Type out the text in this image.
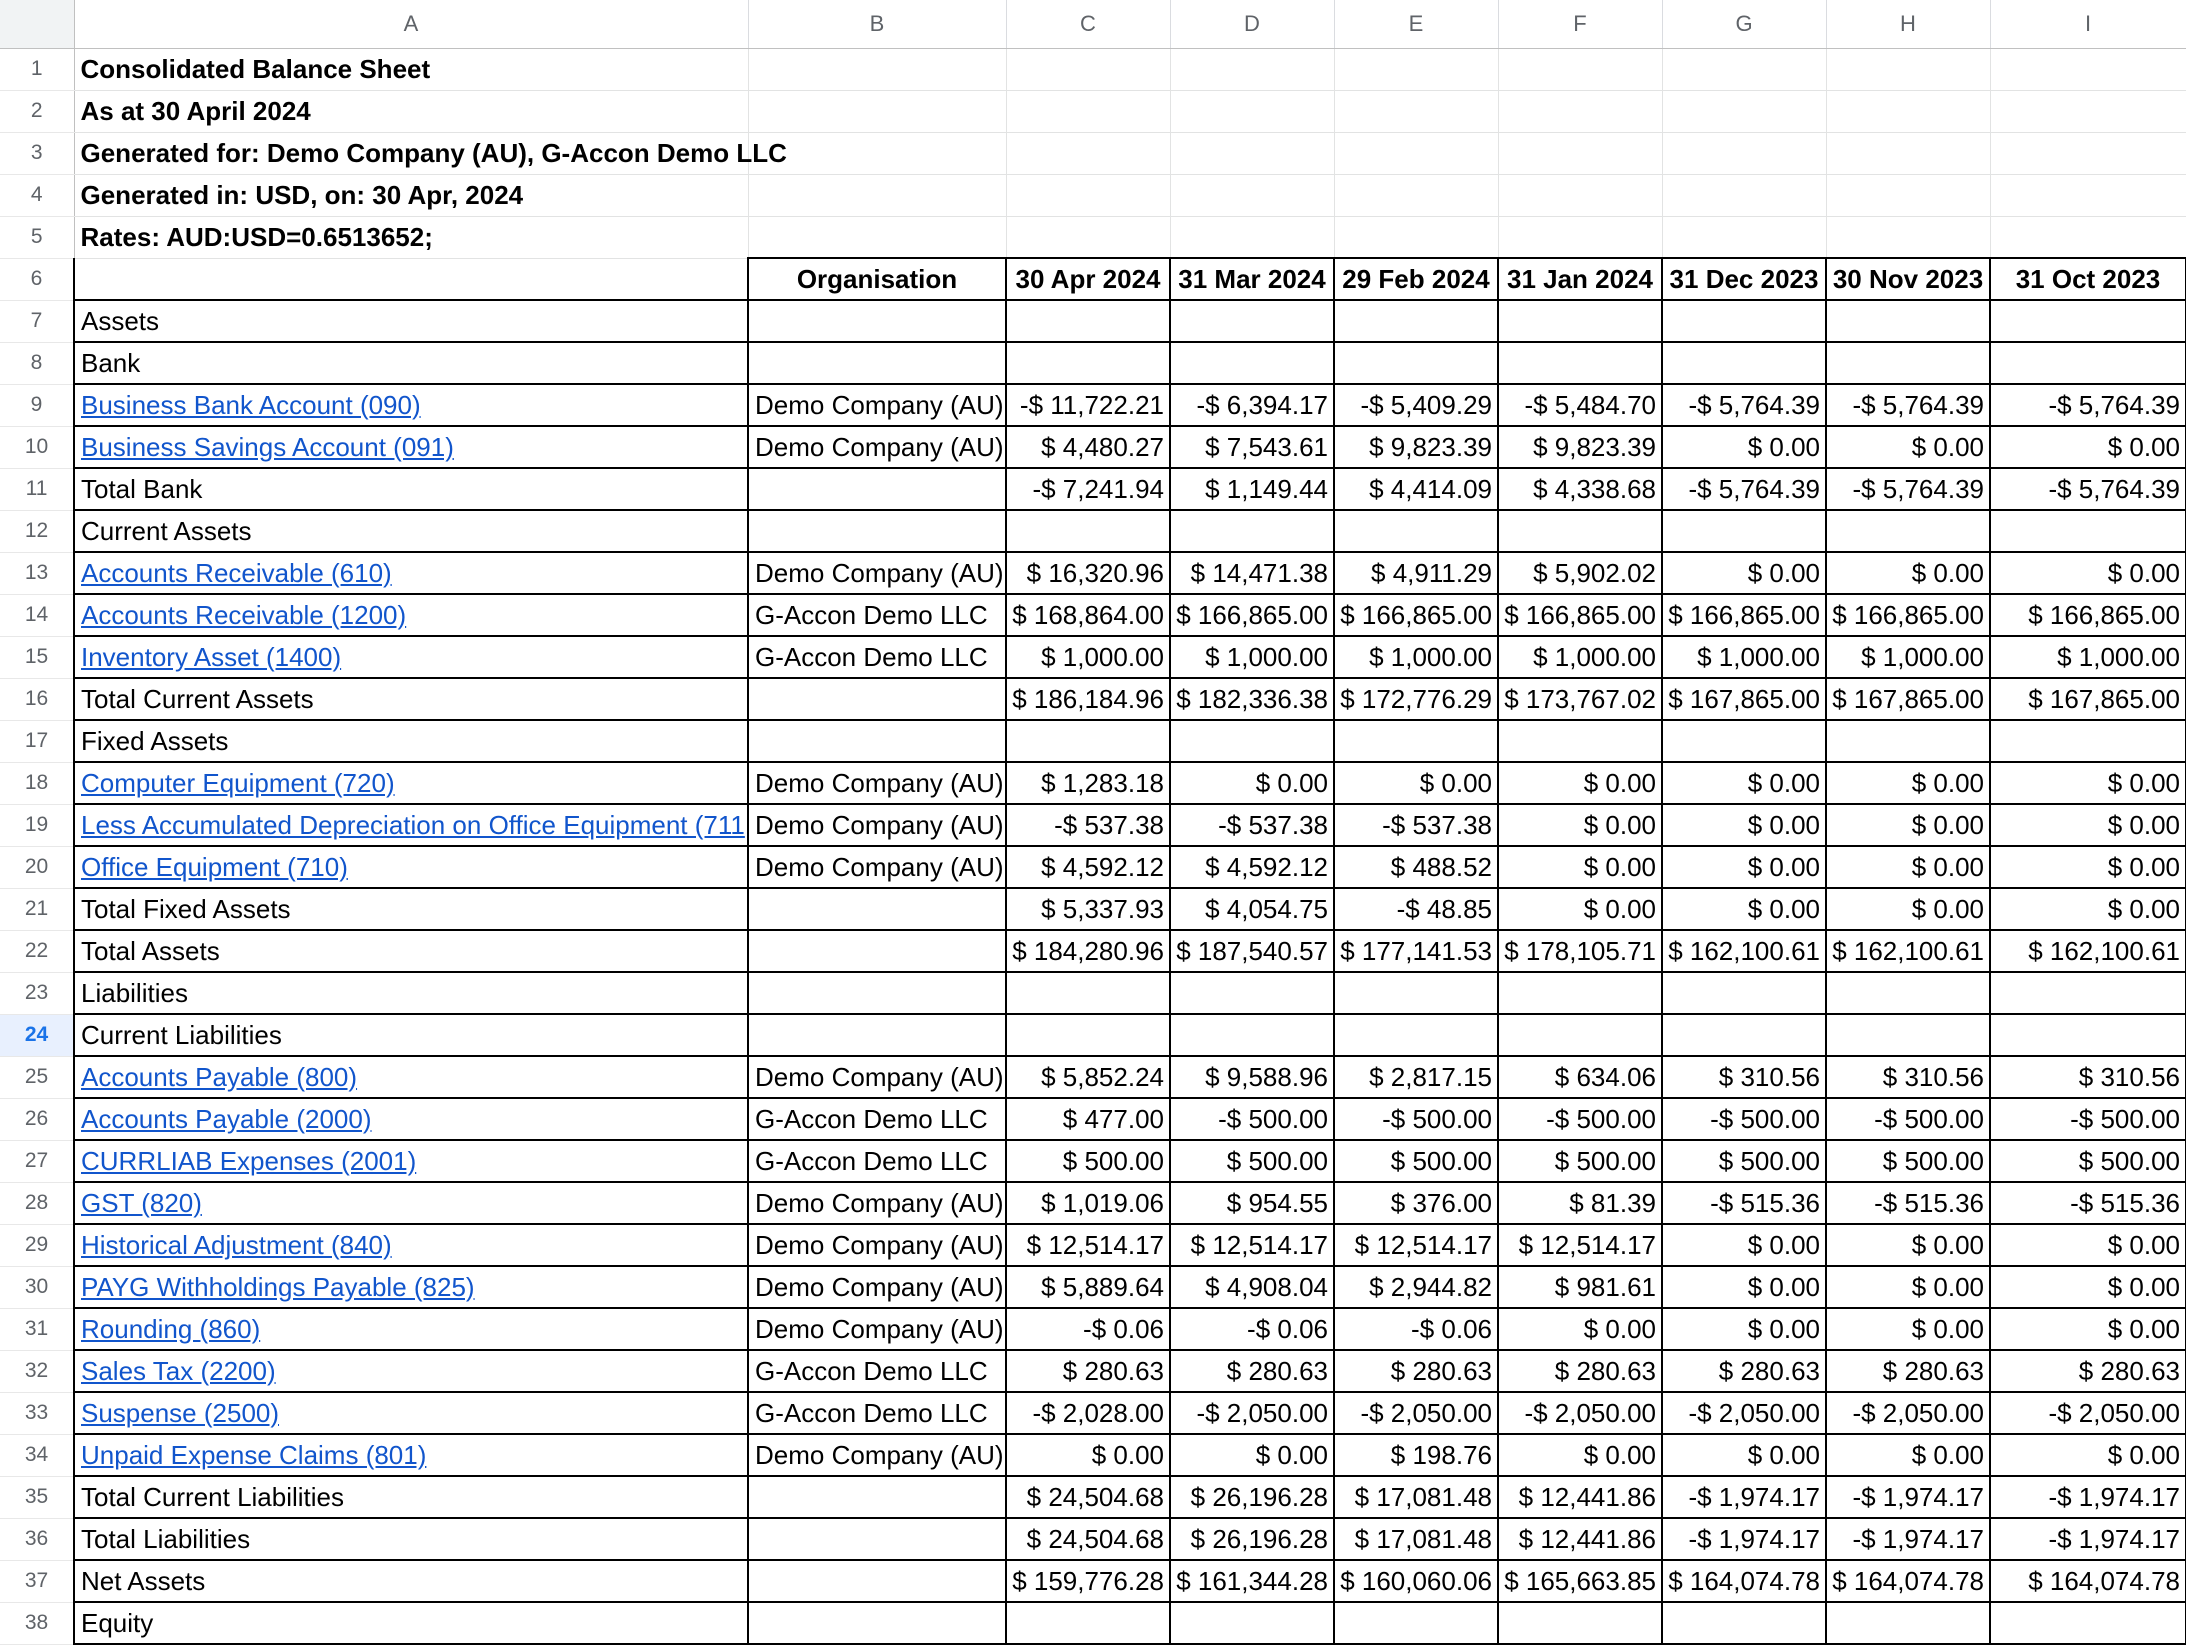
	A	B	C	D	E	F	G	H	I
1	Consolidated Balance Sheet								
2	As at 30 April 2024								
3	Generated for: Demo Company (AU), G-Accon Demo LLC								
4	Generated in: USD, on: 30 Apr, 2024								
5	Rates: AUD:USD=0.6513652;								
6		Organisation	30 Apr 2024	31 Mar 2024	29 Feb 2024	31 Jan 2024	31 Dec 2023	30 Nov 2023	31 Oct 2023
7	Assets								
8	Bank								
9	Business Bank Account (090)	Demo Company (AU)	-$ 11,722.21	-$ 6,394.17	-$ 5,409.29	-$ 5,484.70	-$ 5,764.39	-$ 5,764.39	-$ 5,764.39
10	Business Savings Account (091)	Demo Company (AU)	$ 4,480.27	$ 7,543.61	$ 9,823.39	$ 9,823.39	$ 0.00	$ 0.00	$ 0.00
11	Total Bank		-$ 7,241.94	$ 1,149.44	$ 4,414.09	$ 4,338.68	-$ 5,764.39	-$ 5,764.39	-$ 5,764.39
12	Current Assets								
13	Accounts Receivable (610)	Demo Company (AU)	$ 16,320.96	$ 14,471.38	$ 4,911.29	$ 5,902.02	$ 0.00	$ 0.00	$ 0.00
14	Accounts Receivable (1200)	G-Accon Demo LLC	$ 168,864.00	$ 166,865.00	$ 166,865.00	$ 166,865.00	$ 166,865.00	$ 166,865.00	$ 166,865.00
15	Inventory Asset (1400)	G-Accon Demo LLC	$ 1,000.00	$ 1,000.00	$ 1,000.00	$ 1,000.00	$ 1,000.00	$ 1,000.00	$ 1,000.00
16	Total Current Assets		$ 186,184.96	$ 182,336.38	$ 172,776.29	$ 173,767.02	$ 167,865.00	$ 167,865.00	$ 167,865.00
17	Fixed Assets								
18	Computer Equipment (720)	Demo Company (AU)	$ 1,283.18	$ 0.00	$ 0.00	$ 0.00	$ 0.00	$ 0.00	$ 0.00
19	Less Accumulated Depreciation on Office Equipment (711	Demo Company (AU)	-$ 537.38	-$ 537.38	-$ 537.38	$ 0.00	$ 0.00	$ 0.00	$ 0.00
20	Office Equipment (710)	Demo Company (AU)	$ 4,592.12	$ 4,592.12	$ 488.52	$ 0.00	$ 0.00	$ 0.00	$ 0.00
21	Total Fixed Assets		$ 5,337.93	$ 4,054.75	-$ 48.85	$ 0.00	$ 0.00	$ 0.00	$ 0.00
22	Total Assets		$ 184,280.96	$ 187,540.57	$ 177,141.53	$ 178,105.71	$ 162,100.61	$ 162,100.61	$ 162,100.61
23	Liabilities								
24	Current Liabilities								
25	Accounts Payable (800)	Demo Company (AU)	$ 5,852.24	$ 9,588.96	$ 2,817.15	$ 634.06	$ 310.56	$ 310.56	$ 310.56
26	Accounts Payable (2000)	G-Accon Demo LLC	$ 477.00	-$ 500.00	-$ 500.00	-$ 500.00	-$ 500.00	-$ 500.00	-$ 500.00
27	CURRLIAB Expenses (2001)	G-Accon Demo LLC	$ 500.00	$ 500.00	$ 500.00	$ 500.00	$ 500.00	$ 500.00	$ 500.00
28	GST (820)	Demo Company (AU)	$ 1,019.06	$ 954.55	$ 376.00	$ 81.39	-$ 515.36	-$ 515.36	-$ 515.36
29	Historical Adjustment (840)	Demo Company (AU)	$ 12,514.17	$ 12,514.17	$ 12,514.17	$ 12,514.17	$ 0.00	$ 0.00	$ 0.00
30	PAYG Withholdings Payable (825)	Demo Company (AU)	$ 5,889.64	$ 4,908.04	$ 2,944.82	$ 981.61	$ 0.00	$ 0.00	$ 0.00
31	Rounding (860)	Demo Company (AU)	-$ 0.06	-$ 0.06	-$ 0.06	$ 0.00	$ 0.00	$ 0.00	$ 0.00
32	Sales Tax (2200)	G-Accon Demo LLC	$ 280.63	$ 280.63	$ 280.63	$ 280.63	$ 280.63	$ 280.63	$ 280.63
33	Suspense (2500)	G-Accon Demo LLC	-$ 2,028.00	-$ 2,050.00	-$ 2,050.00	-$ 2,050.00	-$ 2,050.00	-$ 2,050.00	-$ 2,050.00
34	Unpaid Expense Claims (801)	Demo Company (AU)	$ 0.00	$ 0.00	$ 198.76	$ 0.00	$ 0.00	$ 0.00	$ 0.00
35	Total Current Liabilities		$ 24,504.68	$ 26,196.28	$ 17,081.48	$ 12,441.86	-$ 1,974.17	-$ 1,974.17	-$ 1,974.17
36	Total Liabilities		$ 24,504.68	$ 26,196.28	$ 17,081.48	$ 12,441.86	-$ 1,974.17	-$ 1,974.17	-$ 1,974.17
37	Net Assets		$ 159,776.28	$ 161,344.28	$ 160,060.06	$ 165,663.85	$ 164,074.78	$ 164,074.78	$ 164,074.78
38	Equity								
